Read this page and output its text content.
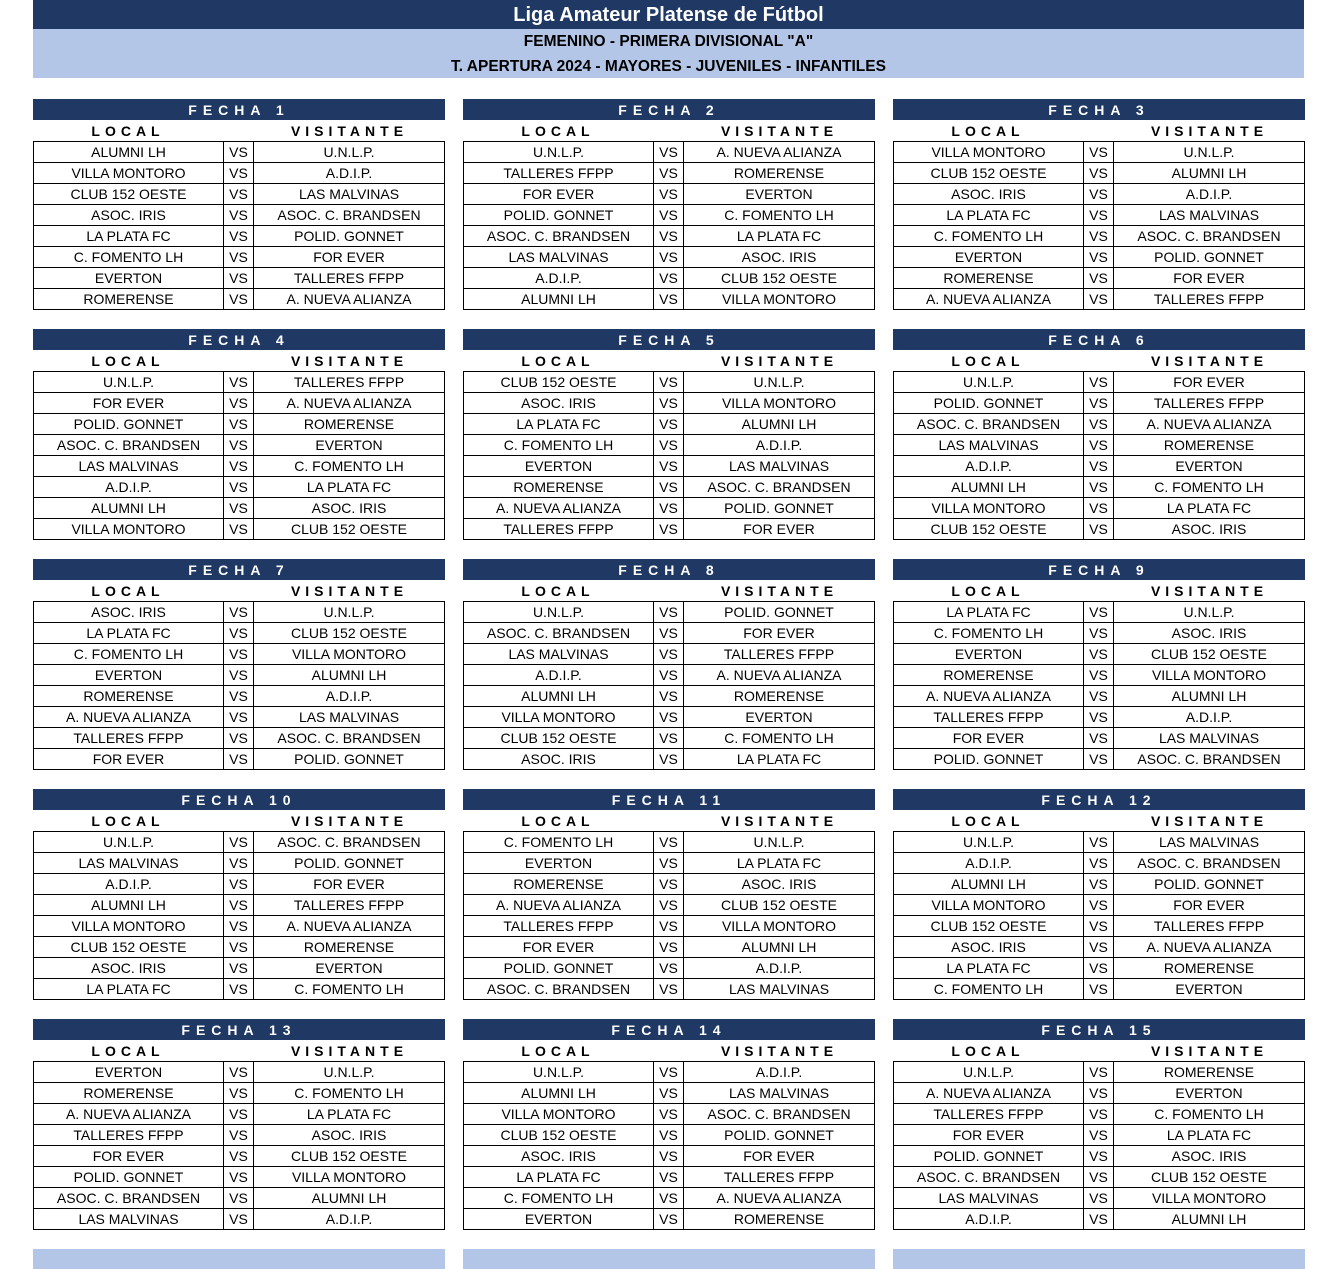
Liga Amateur Platense de Fútbol
FEMENINO - PRIMERA DIVISIONAL "A"
T. APERTURA 2024 - MAYORES - JUVENILES - INFANTILES
FECHA 1
LOCAL	VISITANTE
ALUMNI LH	VS	U.N.L.P.
VILLA MONTORO	VS	A.D.I.P.
CLUB 152 OESTE	VS	LAS MALVINAS
ASOC. IRIS	VS	ASOC. C. BRANDSEN
LA PLATA FC	VS	POLID. GONNET
C. FOMENTO LH	VS	FOR EVER
EVERTON	VS	TALLERES FFPP
ROMERENSE	VS	A. NUEVA ALIANZA
FECHA 2
LOCAL	VISITANTE
U.N.L.P.	VS	A. NUEVA ALIANZA
TALLERES FFPP	VS	ROMERENSE
FOR EVER	VS	EVERTON
POLID. GONNET	VS	C. FOMENTO LH
ASOC. C. BRANDSEN	VS	LA PLATA FC
LAS MALVINAS	VS	ASOC. IRIS
A.D.I.P.	VS	CLUB 152 OESTE
ALUMNI LH	VS	VILLA MONTORO
FECHA 3
LOCAL	VISITANTE
VILLA MONTORO	VS	U.N.L.P.
CLUB 152 OESTE	VS	ALUMNI LH
ASOC. IRIS	VS	A.D.I.P.
LA PLATA FC	VS	LAS MALVINAS
C. FOMENTO LH	VS	ASOC. C. BRANDSEN
EVERTON	VS	POLID. GONNET
ROMERENSE	VS	FOR EVER
A. NUEVA ALIANZA	VS	TALLERES FFPP
FECHA 4
LOCAL	VISITANTE
U.N.L.P.	VS	TALLERES FFPP
FOR EVER	VS	A. NUEVA ALIANZA
POLID. GONNET	VS	ROMERENSE
ASOC. C. BRANDSEN	VS	EVERTON
LAS MALVINAS	VS	C. FOMENTO LH
A.D.I.P.	VS	LA PLATA FC
ALUMNI LH	VS	ASOC. IRIS
VILLA MONTORO	VS	CLUB 152 OESTE
FECHA 5
LOCAL	VISITANTE
CLUB 152 OESTE	VS	U.N.L.P.
ASOC. IRIS	VS	VILLA MONTORO
LA PLATA FC	VS	ALUMNI LH
C. FOMENTO LH	VS	A.D.I.P.
EVERTON	VS	LAS MALVINAS
ROMERENSE	VS	ASOC. C. BRANDSEN
A. NUEVA ALIANZA	VS	POLID. GONNET
TALLERES FFPP	VS	FOR EVER
FECHA 6
LOCAL	VISITANTE
U.N.L.P.	VS	FOR EVER
POLID. GONNET	VS	TALLERES FFPP
ASOC. C. BRANDSEN	VS	A. NUEVA ALIANZA
LAS MALVINAS	VS	ROMERENSE
A.D.I.P.	VS	EVERTON
ALUMNI LH	VS	C. FOMENTO LH
VILLA MONTORO	VS	LA PLATA FC
CLUB 152 OESTE	VS	ASOC. IRIS
FECHA 7
LOCAL	VISITANTE
ASOC. IRIS	VS	U.N.L.P.
LA PLATA FC	VS	CLUB 152 OESTE
C. FOMENTO LH	VS	VILLA MONTORO
EVERTON	VS	ALUMNI LH
ROMERENSE	VS	A.D.I.P.
A. NUEVA ALIANZA	VS	LAS MALVINAS
TALLERES FFPP	VS	ASOC. C. BRANDSEN
FOR EVER	VS	POLID. GONNET
FECHA 8
LOCAL	VISITANTE
U.N.L.P.	VS	POLID. GONNET
ASOC. C. BRANDSEN	VS	FOR EVER
LAS MALVINAS	VS	TALLERES FFPP
A.D.I.P.	VS	A. NUEVA ALIANZA
ALUMNI LH	VS	ROMERENSE
VILLA MONTORO	VS	EVERTON
CLUB 152 OESTE	VS	C. FOMENTO LH
ASOC. IRIS	VS	LA PLATA FC
FECHA 9
LOCAL	VISITANTE
LA PLATA FC	VS	U.N.L.P.
C. FOMENTO LH	VS	ASOC. IRIS
EVERTON	VS	CLUB 152 OESTE
ROMERENSE	VS	VILLA MONTORO
A. NUEVA ALIANZA	VS	ALUMNI LH
TALLERES FFPP	VS	A.D.I.P.
FOR EVER	VS	LAS MALVINAS
POLID. GONNET	VS	ASOC. C. BRANDSEN
FECHA 10
LOCAL	VISITANTE
U.N.L.P.	VS	ASOC. C. BRANDSEN
LAS MALVINAS	VS	POLID. GONNET
A.D.I.P.	VS	FOR EVER
ALUMNI LH	VS	TALLERES FFPP
VILLA MONTORO	VS	A. NUEVA ALIANZA
CLUB 152 OESTE	VS	ROMERENSE
ASOC. IRIS	VS	EVERTON
LA PLATA FC	VS	C. FOMENTO LH
FECHA 11
LOCAL	VISITANTE
C. FOMENTO LH	VS	U.N.L.P.
EVERTON	VS	LA PLATA FC
ROMERENSE	VS	ASOC. IRIS
A. NUEVA ALIANZA	VS	CLUB 152 OESTE
TALLERES FFPP	VS	VILLA MONTORO
FOR EVER	VS	ALUMNI LH
POLID. GONNET	VS	A.D.I.P.
ASOC. C. BRANDSEN	VS	LAS MALVINAS
FECHA 12
LOCAL	VISITANTE
U.N.L.P.	VS	LAS MALVINAS
A.D.I.P.	VS	ASOC. C. BRANDSEN
ALUMNI LH	VS	POLID. GONNET
VILLA MONTORO	VS	FOR EVER
CLUB 152 OESTE	VS	TALLERES FFPP
ASOC. IRIS	VS	A. NUEVA ALIANZA
LA PLATA FC	VS	ROMERENSE
C. FOMENTO LH	VS	EVERTON
FECHA 13
LOCAL	VISITANTE
EVERTON	VS	U.N.L.P.
ROMERENSE	VS	C. FOMENTO LH
A. NUEVA ALIANZA	VS	LA PLATA FC
TALLERES FFPP	VS	ASOC. IRIS
FOR EVER	VS	CLUB 152 OESTE
POLID. GONNET	VS	VILLA MONTORO
ASOC. C. BRANDSEN	VS	ALUMNI LH
LAS MALVINAS	VS	A.D.I.P.
FECHA 14
LOCAL	VISITANTE
U.N.L.P.	VS	A.D.I.P.
ALUMNI LH	VS	LAS MALVINAS
VILLA MONTORO	VS	ASOC. C. BRANDSEN
CLUB 152 OESTE	VS	POLID. GONNET
ASOC. IRIS	VS	FOR EVER
LA PLATA FC	VS	TALLERES FFPP
C. FOMENTO LH	VS	A. NUEVA ALIANZA
EVERTON	VS	ROMERENSE
FECHA 15
LOCAL	VISITANTE
U.N.L.P.	VS	ROMERENSE
A. NUEVA ALIANZA	VS	EVERTON
TALLERES FFPP	VS	C. FOMENTO LH
FOR EVER	VS	LA PLATA FC
POLID. GONNET	VS	ASOC. IRIS
ASOC. C. BRANDSEN	VS	CLUB 152 OESTE
LAS MALVINAS	VS	VILLA MONTORO
A.D.I.P.	VS	ALUMNI LH
